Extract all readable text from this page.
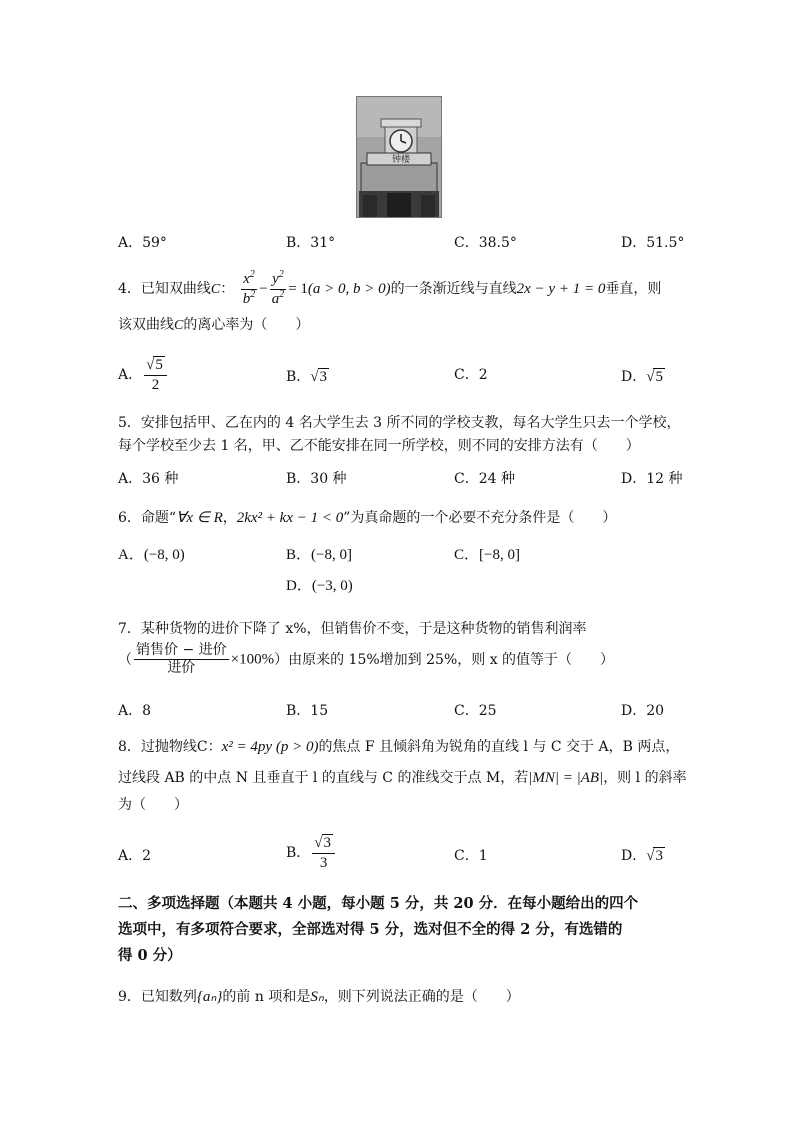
钟楼
A．59°	B．31°	C．38.5°	D．51.5°
4．已知双曲线C： $\frac{x^2}{b^2} - \frac{y^2}{a^2} = 1(a > 0$, b > 0)的一条渐近线与直线2x − y + 1 = 0垂直，则
该双曲线C的离心率为（　　）
A． $\frac{√5}{2}$	B．√3	C．2	D．√5
5．安排包括甲、乙在内的 4 名大学生去 3 所不同的学校支教，每名大学生只去一个学校，
每个学校至少去 1 名，甲、乙不能安排在同一所学校，则不同的安排方法有（　　）
A．36 种	B．30 种	C．24 种	D．12 种
6．命题“∀x ∈ R，2kx² + kx − 1 < 0”为真命题的一个必要不充分条件是（　　）
A．(−8, 0)	B．(−8, 0]	C．[−8, 0]
D．(−3, 0)
7．某种货物的进价下降了 x%，但销售价不变，于是这种货物的销售利润率
（ $\frac{\text{销售价 − 进价}}{\text{进价}} \times 100\%$）由原来的 15%增加到 25%，则 x 的值等于（　　）
A．8	B．15	C．25	D．20
8．过抛物线C：x² = 4py (p > 0)的焦点 F 且倾斜角为锐角的直线 l 与 C 交于 A，B 两点，
过线段 AB 的中点 N 且垂直于 l 的直线与 C 的准线交于点 M，若|MN| = |AB|，则 l 的斜率
为（　　）
A．2	B． $\frac{√3}{3}$	C．1	D．√3
二、多项选择题（本题共 4 小题，每小题 5 分，共 20 分．在每小题给出的四个
选项中，有多项符合要求，全部选对得 5 分，选对但不全的得 2 分，有选错的
得 0 分）
9．已知数列{aₙ}的前 n 项和是Sₙ，则下列说法正确的是（　　）
